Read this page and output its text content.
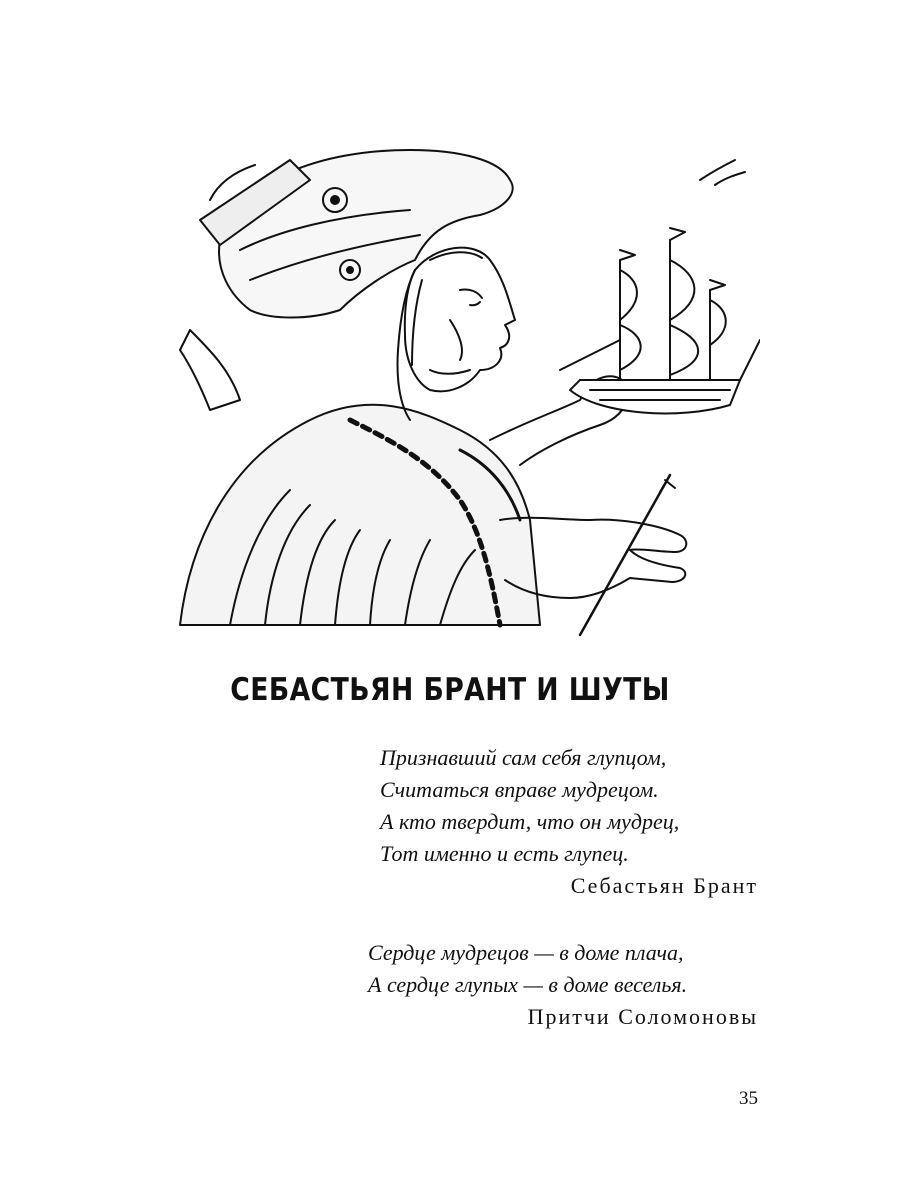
СЕБАСТЬЯН БРАНТ И ШУТЫ
Признавший сам себя глупцом,
Считаться вправе мудрецом.
А кто твердит, что он мудрец,
Тот именно и есть глупец.
Себастьян Брант
Сердце мудрецов — в доме плача,
А сердце глупых — в доме веселья.
Притчи Соломоновы
35
